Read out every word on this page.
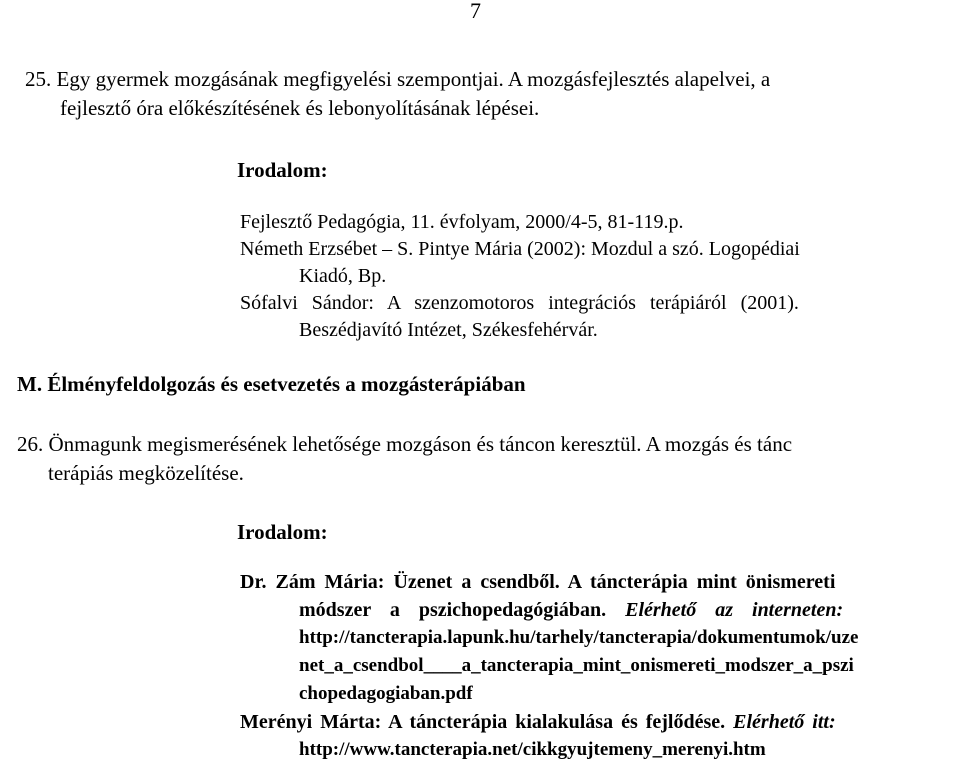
7
25. Egy gyermek mozgásának megfigyelési szempontjai. A mozgásfejlesztés alapelvei, a
fejlesztő óra előkészítésének és lebonyolításának lépései.
Irodalom:
Fejlesztő Pedagógia, 11. évfolyam, 2000/4-5, 81-119.p.
Németh Erzsébet – S. Pintye Mária (2002): Mozdul a szó. Logopédiai
Kiadó, Bp.
Sófalvi Sándor: A szenzomotoros integrációs terápiáról (2001).
Beszédjavító Intézet, Székesfehérvár.
M. Élményfeldolgozás és esetvezetés a mozgásterápiában
26. Önmagunk megismerésének lehetősége mozgáson és táncon keresztül. A mozgás és tánc
terápiás megközelítése.
Irodalom:
Dr. Zám Mária: Üzenet a csendből. A táncterápia mint önismereti
módszer a pszichopedagógiában. Elérhető az interneten:
http://tancterapia.lapunk.hu/tarhely/tancterapia/dokumentumok/uze
net_a_csendbol____a_tancterapia_mint_onismereti_modszer_a_pszi
chopedagogiaban.pdf
Merényi Márta: A táncterápia kialakulása és fejlődése. Elérhető itt:
http://www.tancterapia.net/cikkgyujtemeny_merenyi.htm
